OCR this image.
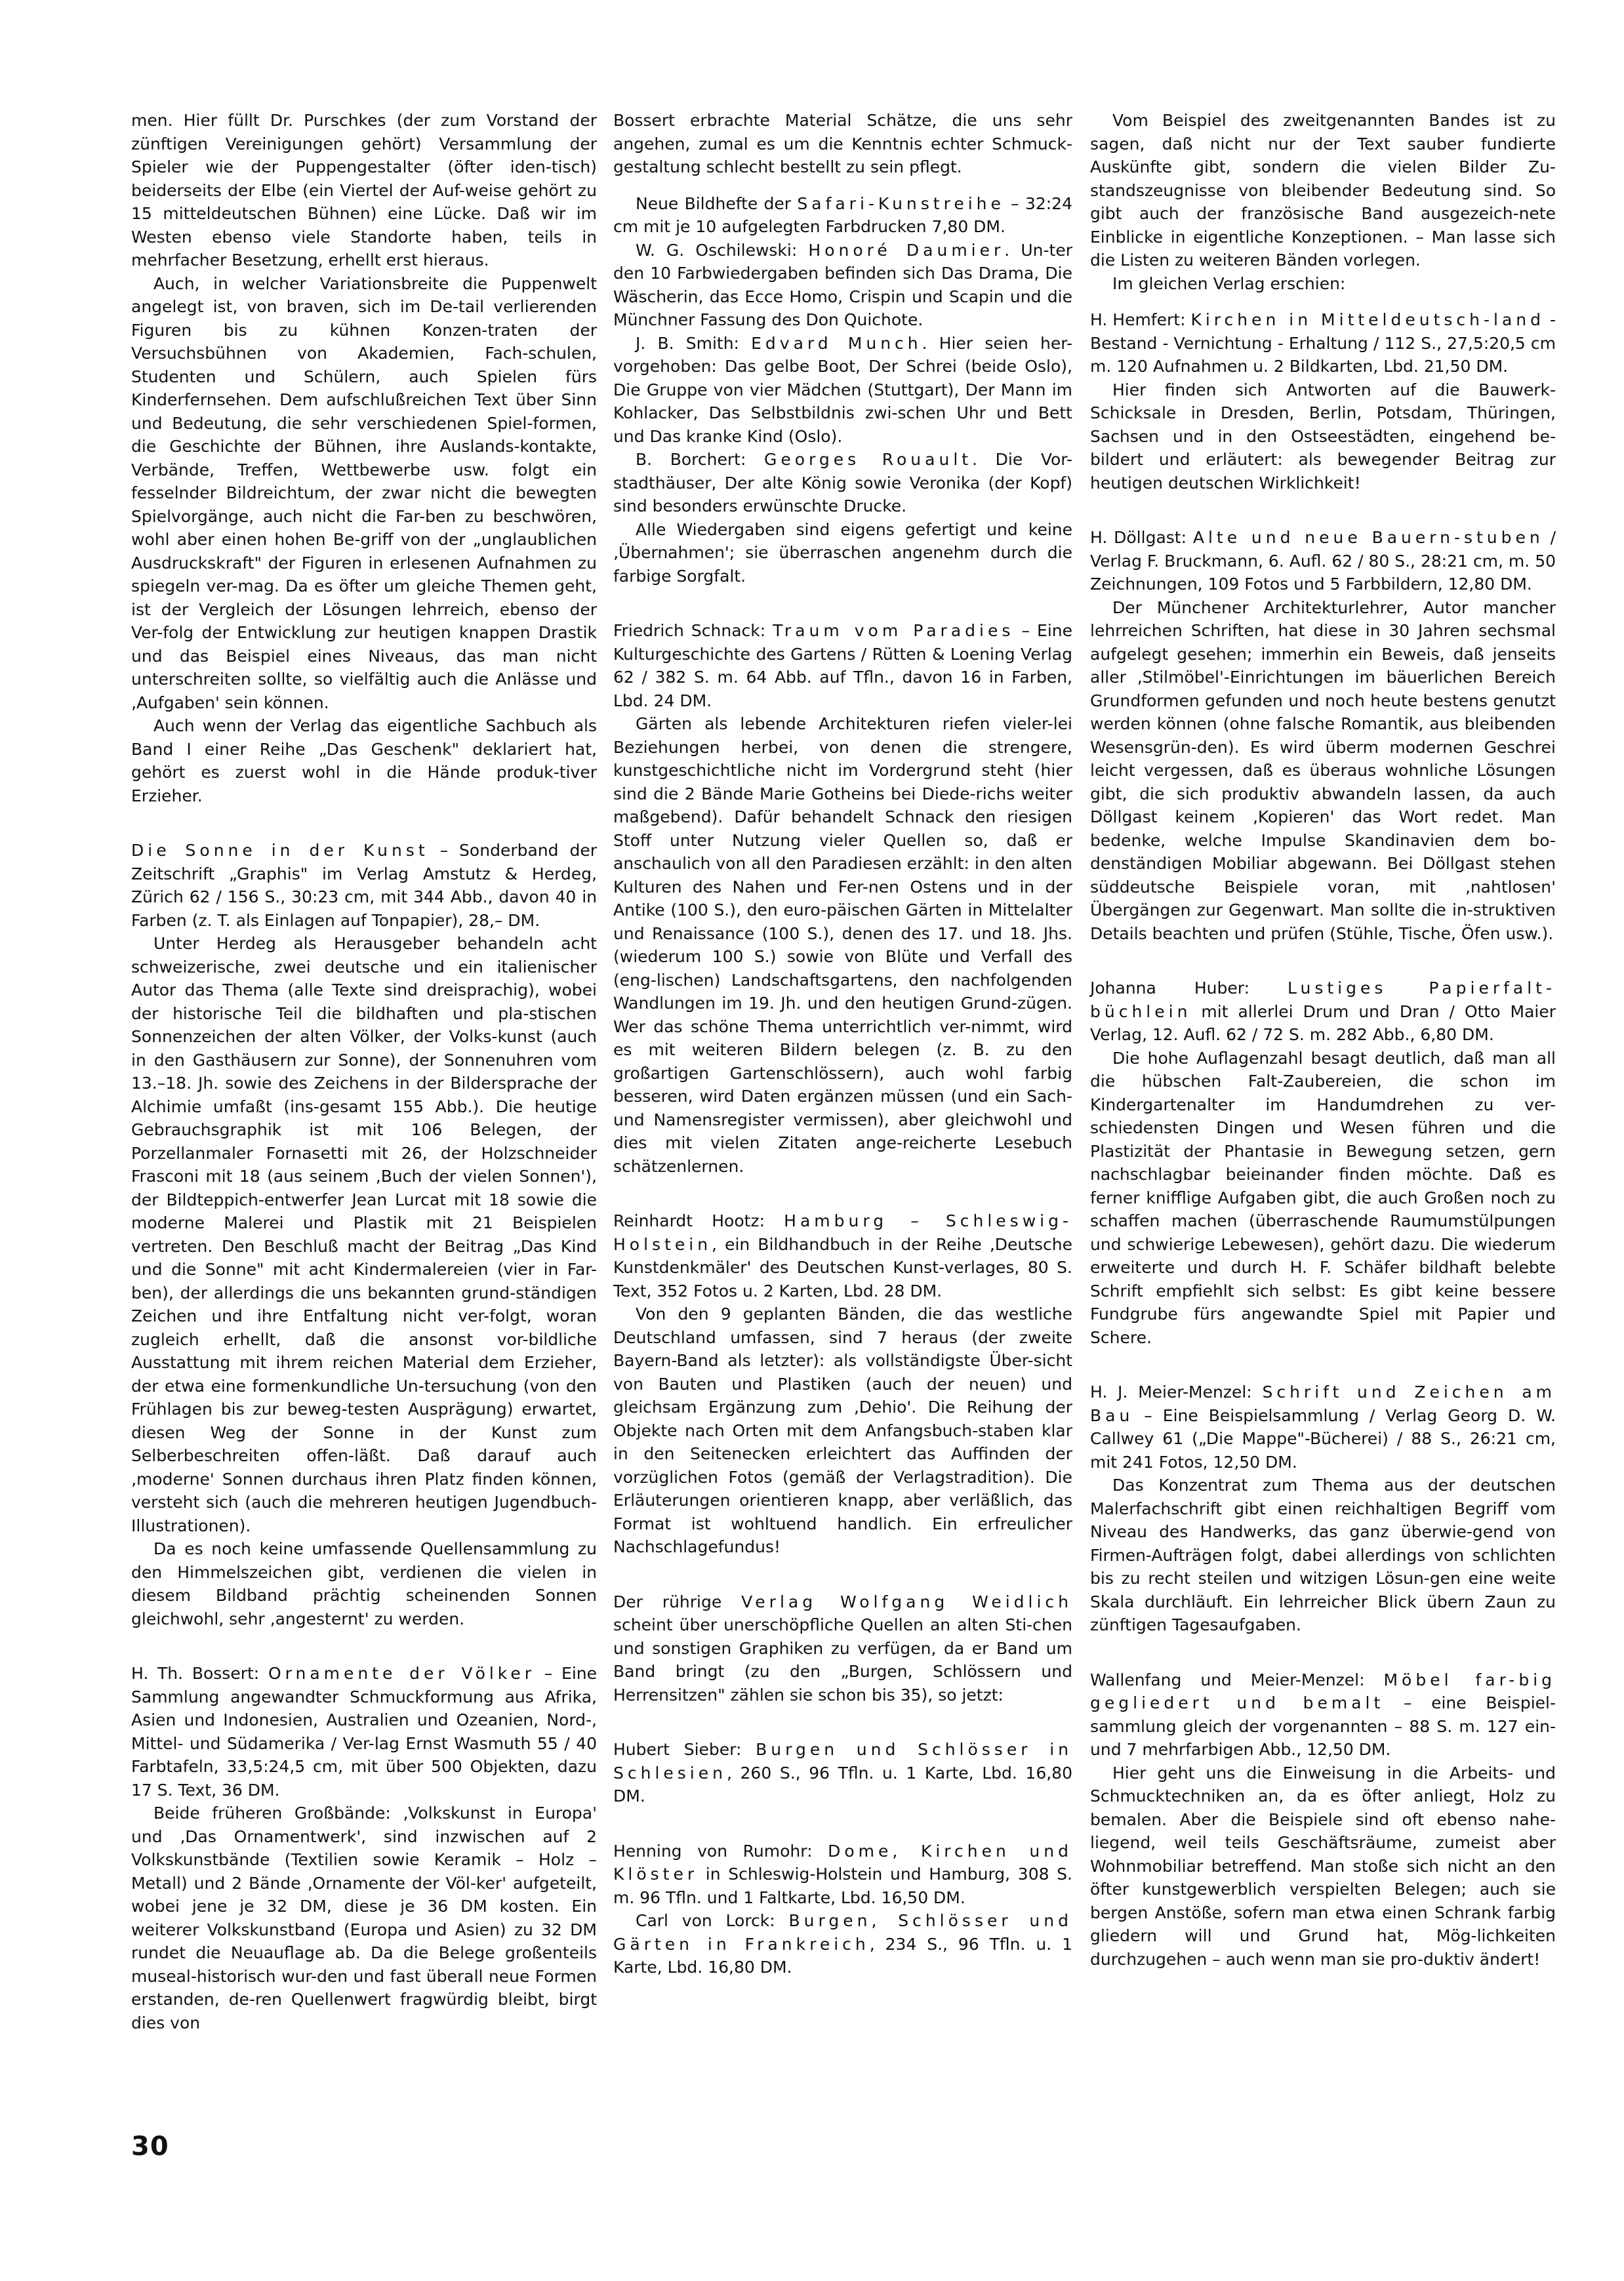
men. Hier füllt Dr. Purschkes (der zum Vorstand der zünftigen Vereinigungen gehört) Versammlung der Spieler wie der Puppengestalter (öfter iden-tisch) beiderseits der Elbe (ein Viertel der Auf-weise gehört zu 15 mitteldeutschen Bühnen) eine Lücke. Daß wir im Westen ebenso viele Standorte haben, teils in mehrfacher Besetzung, erhellt erst hieraus.

Auch, in welcher Variationsbreite die Puppenwelt angelegt ist, von braven, sich im De-tail verlierenden Figuren bis zu kühnen Konzen-traten der Versuchsbühnen von Akademien, Fach-schulen, Studenten und Schülern, auch Spielen fürs Kinderfernsehen. Dem aufschlußreichen Text über Sinn und Bedeutung, die sehr verschiedenen Spiel-formen, die Geschichte der Bühnen, ihre Auslands-kontakte, Verbände, Treffen, Wettbewerbe usw. folgt ein fesselnder Bildreichtum, der zwar nicht die bewegten Spielvorgänge, auch nicht die Far-ben zu beschwören, wohl aber einen hohen Be-griff von der „unglaublichen Ausdruckskraft" der Figuren in erlesenen Aufnahmen zu spiegeln ver-mag. Da es öfter um gleiche Themen geht, ist der Vergleich der Lösungen lehrreich, ebenso der Ver-folg der Entwicklung zur heutigen knappen Drastik und das Beispiel eines Niveaus, das man nicht unterschreiten sollte, so vielfältig auch die Anlässe und ‚Aufgaben' sein können.

Auch wenn der Verlag das eigentliche Sachbuch als Band I einer Reihe „Das Geschenk" deklariert hat, gehört es zuerst wohl in die Hände produk-tiver Erzieher.

Die Sonne in der Kunst – Sonderband der Zeitschrift „Graphis" im Verlag Amstutz & Herdeg, Zürich 62 / 156 S., 30:23 cm, mit 344 Abb., davon 40 in Farben (z. T. als Einlagen auf Tonpapier), 28,– DM.

Unter Herdeg als Herausgeber behandeln acht schweizerische, zwei deutsche und ein italienischer Autor das Thema (alle Texte sind dreisprachig), wobei der historische Teil die bildhaften und pla-stischen Sonnenzeichen der alten Völker, der Volks-kunst (auch in den Gasthäusern zur Sonne), der Sonnenuhren vom 13.–18. Jh. sowie des Zeichens in der Bildersprache der Alchimie umfaßt (ins-gesamt 155 Abb.). Die heutige Gebrauchsgraphik ist mit 106 Belegen, der Porzellanmaler Fornasetti mit 26, der Holzschneider Frasconi mit 18 (aus seinem ‚Buch der vielen Sonnen'), der Bildteppich-entwerfer Jean Lurcat mit 18 sowie die moderne Malerei und Plastik mit 21 Beispielen vertreten. Den Beschluß macht der Beitrag „Das Kind und die Sonne" mit acht Kindermalereien (vier in Far-ben), der allerdings die uns bekannten grund-ständigen Zeichen und ihre Entfaltung nicht ver-folgt, woran zugleich erhellt, daß die ansonst vor-bildliche Ausstattung mit ihrem reichen Material dem Erzieher, der etwa eine formenkundliche Un-tersuchung (von den Frühlagen bis zur beweg-testen Ausprägung) erwartet, diesen Weg der Sonne in der Kunst zum Selberbeschreiten offen-läßt. Daß darauf auch ‚moderne' Sonnen durchaus ihren Platz finden können, versteht sich (auch die mehreren heutigen Jugendbuch-Illustrationen).

Da es noch keine umfassende Quellensammlung zu den Himmelszeichen gibt, verdienen die vielen in diesem Bildband prächtig scheinenden Sonnen gleichwohl, sehr ‚angesternt' zu werden.

H. Th. Bossert: Ornamente der Völker – Eine Sammlung angewandter Schmuckformung aus Afrika, Asien und Indonesien, Australien und Ozeanien, Nord-, Mittel- und Südamerika / Ver-lag Ernst Wasmuth 55 / 40 Farbtafeln, 33,5:24,5 cm, mit über 500 Objekten, dazu 17 S. Text, 36 DM.

Beide früheren Großbände: ‚Volkskunst in Europa' und ‚Das Ornamentwerk', sind inzwischen auf 2 Volkskunstbände (Textilien sowie Keramik – Holz – Metall) und 2 Bände ‚Ornamente der Völ-ker' aufgeteilt, wobei jene je 32 DM, diese je 36 DM kosten. Ein weiterer Volkskunstband (Europa und Asien) zu 32 DM rundet die Neuauflage ab. Da die Belege großenteils museal-historisch wur-den und fast überall neue Formen erstanden, de-ren Quellenwert fragwürdig bleibt, birgt dies von

Bossert erbrachte Material Schätze, die uns sehr angehen, zumal es um die Kenntnis echter Schmuck-gestaltung schlecht bestellt zu sein pflegt.

Neue Bildhefte der Safari-Kunstreihe – 32:24 cm mit je 10 aufgelegten Farbdrucken 7,80 DM.

W. G. Oschilewski: Honoré Daumier. Un-ter den 10 Farbwiedergaben befinden sich Das Drama, Die Wäscherin, das Ecce Homo, Crispin und Scapin und die Münchner Fassung des Don Quichote.

J. B. Smith: Edvard Munch. Hier seien her-vorgehoben: Das gelbe Boot, Der Schrei (beide Oslo), Die Gruppe von vier Mädchen (Stuttgart), Der Mann im Kohlacker, Das Selbstbildnis zwi-schen Uhr und Bett und Das kranke Kind (Oslo).

B. Borchert: Georges Rouault. Die Vor-stadthäuser, Der alte König sowie Veronika (der Kopf) sind besonders erwünschte Drucke.

Alle Wiedergaben sind eigens gefertigt und keine ‚Übernahmen'; sie überraschen angenehm durch die farbige Sorgfalt.

Friedrich Schnack: Traum vom Paradies – Eine Kulturgeschichte des Gartens / Rütten & Loening Verlag 62 / 382 S. m. 64 Abb. auf Tfln., davon 16 in Farben, Lbd. 24 DM.

Gärten als lebende Architekturen riefen vieler-lei Beziehungen herbei, von denen die strengere, kunstgeschichtliche nicht im Vordergrund steht (hier sind die 2 Bände Marie Gotheins bei Diede-richs weiter maßgebend). Dafür behandelt Schnack den riesigen Stoff unter Nutzung vieler Quellen so, daß er anschaulich von all den Paradiesen erzählt: in den alten Kulturen des Nahen und Fer-nen Ostens und in der Antike (100 S.), den euro-päischen Gärten in Mittelalter und Renaissance (100 S.), denen des 17. und 18. Jhs. (wiederum 100 S.) sowie von Blüte und Verfall des (eng-lischen) Landschaftsgartens, den nachfolgenden Wandlungen im 19. Jh. und den heutigen Grund-zügen. Wer das schöne Thema unterrichtlich ver-nimmt, wird es mit weiteren Bildern belegen (z. B. zu den großartigen Gartenschlössern), auch wohl farbig besseren, wird Daten ergänzen müssen (und ein Sach- und Namensregister vermissen), aber gleichwohl und dies mit vielen Zitaten ange-reicherte Lesebuch schätzenlernen.

Reinhardt Hootz: Hamburg – Schleswig-Holstein, ein Bildhandbuch in der Reihe ‚Deutsche Kunstdenkmäler' des Deutschen Kunst-verlages, 80 S. Text, 352 Fotos u. 2 Karten, Lbd. 28 DM.

Von den 9 geplanten Bänden, die das westliche Deutschland umfassen, sind 7 heraus (der zweite Bayern-Band als letzter): als vollständigste Über-sicht von Bauten und Plastiken (auch der neuen) und gleichsam Ergänzung zum ‚Dehio'. Die Reihung der Objekte nach Orten mit dem Anfangsbuch-staben klar in den Seitenecken erleichtert das Auffinden der vorzüglichen Fotos (gemäß der Verlagstradition). Die Erläuterungen orientieren knapp, aber verläßlich, das Format ist wohltuend handlich. Ein erfreulicher Nachschlagefundus!

Der rührige Verlag Wolfgang Weidlich scheint über unerschöpfliche Quellen an alten Sti-chen und sonstigen Graphiken zu verfügen, da er Band um Band bringt (zu den „Burgen, Schlössern und Herrensitzen" zählen sie schon bis 35), so jetzt:

Hubert Sieber: Burgen und Schlösser in Schlesien, 260 S., 96 Tfln. u. 1 Karte, Lbd. 16,80 DM.

Henning von Rumohr: Dome, Kirchen und Klöster in Schleswig-Holstein und Hamburg, 308 S. m. 96 Tfln. und 1 Faltkarte, Lbd. 16,50 DM.

Carl von Lorck: Burgen, Schlösser und Gärten in Frankreich, 234 S., 96 Tfln. u. 1 Karte, Lbd. 16,80 DM.

Vom Beispiel des zweitgenannten Bandes ist zu sagen, daß nicht nur der Text sauber fundierte Auskünfte gibt, sondern die vielen Bilder Zu-standszeugnisse von bleibender Bedeutung sind. So gibt auch der französische Band ausgezeich-nete Einblicke in eigentliche Konzeptionen. – Man lasse sich die Listen zu weiteren Bänden vorlegen.

Im gleichen Verlag erschien:

H. Hemfert: Kirchen in Mitteldeutsch-land - Bestand - Vernichtung - Erhaltung / 112 S., 27,5:20,5 cm m. 120 Aufnahmen u. 2 Bildkarten, Lbd. 21,50 DM.

Hier finden sich Antworten auf die Bauwerk-Schicksale in Dresden, Berlin, Potsdam, Thüringen, Sachsen und in den Ostseestädten, eingehend be-bildert und erläutert: als bewegender Beitrag zur heutigen deutschen Wirklichkeit!

H. Döllgast: Alte und neue Bauern-stuben / Verlag F. Bruckmann, 6. Aufl. 62 / 80 S., 28:21 cm, m. 50 Zeichnungen, 109 Fotos und 5 Farbbildern, 12,80 DM.

Der Münchener Architekturlehrer, Autor mancher lehrreichen Schriften, hat diese in 30 Jahren sechsmal aufgelegt gesehen; immerhin ein Beweis, daß jenseits aller ‚Stilmöbel'-Einrichtungen im bäuerlichen Bereich Grundformen gefunden und noch heute bestens genutzt werden können (ohne falsche Romantik, aus bleibenden Wesensgrün-den). Es wird überm modernen Geschrei leicht vergessen, daß es überaus wohnliche Lösungen gibt, die sich produktiv abwandeln lassen, da auch Döllgast keinem ‚Kopieren' das Wort redet. Man bedenke, welche Impulse Skandinavien dem bo-denständigen Mobiliar abgewann. Bei Döllgast stehen süddeutsche Beispiele voran, mit ‚nahtlosen' Übergängen zur Gegenwart. Man sollte die in-struktiven Details beachten und prüfen (Stühle, Tische, Öfen usw.).

Johanna Huber: Lustiges Papierfalt-büchlein mit allerlei Drum und Dran / Otto Maier Verlag, 12. Aufl. 62 / 72 S. m. 282 Abb., 6,80 DM.

Die hohe Auflagenzahl besagt deutlich, daß man all die hübschen Falt-Zaubereien, die schon im Kindergartenalter im Handumdrehen zu ver-schiedensten Dingen und Wesen führen und die Plastizität der Phantasie in Bewegung setzen, gern nachschlagbar beieinander finden möchte. Daß es ferner knifflige Aufgaben gibt, die auch Großen noch zu schaffen machen (überraschende Raumumstülpungen und schwierige Lebewesen), gehört dazu. Die wiederum erweiterte und durch H. F. Schäfer bildhaft belebte Schrift empfiehlt sich selbst: Es gibt keine bessere Fundgrube fürs angewandte Spiel mit Papier und Schere.

H. J. Meier-Menzel: Schrift und Zeichen am Bau – Eine Beispielsammlung / Verlag Georg D. W. Callwey 61 („Die Mappe"-Bücherei) / 88 S., 26:21 cm, mit 241 Fotos, 12,50 DM.

Das Konzentrat zum Thema aus der deutschen Malerfachschrift gibt einen reichhaltigen Begriff vom Niveau des Handwerks, das ganz überwie-gend von Firmen-Aufträgen folgt, dabei allerdings von schlichten bis zu recht steilen und witzigen Lösun-gen eine weite Skala durchläuft. Ein lehrreicher Blick übern Zaun zu zünftigen Tagesaufgaben.

Wallenfang und Meier-Menzel: Möbel far-big gegliedert und bemalt – eine Beispiel-sammlung gleich der vorgenannten – 88 S. m. 127 ein- und 7 mehrfarbigen Abb., 12,50 DM.

Hier geht uns die Einweisung in die Arbeits- und Schmucktechniken an, da es öfter anliegt, Holz zu bemalen. Aber die Beispiele sind oft ebenso nahe-liegend, weil teils Geschäftsräume, zumeist aber Wohnmobiliar betreffend. Man stoße sich nicht an den öfter kunstgewerblich verspielten Belegen; auch sie bergen Anstöße, sofern man etwa einen Schrank farbig gliedern will und Grund hat, Mög-lichkeiten durchzugehen – auch wenn man sie pro-duktiv ändert!

30
